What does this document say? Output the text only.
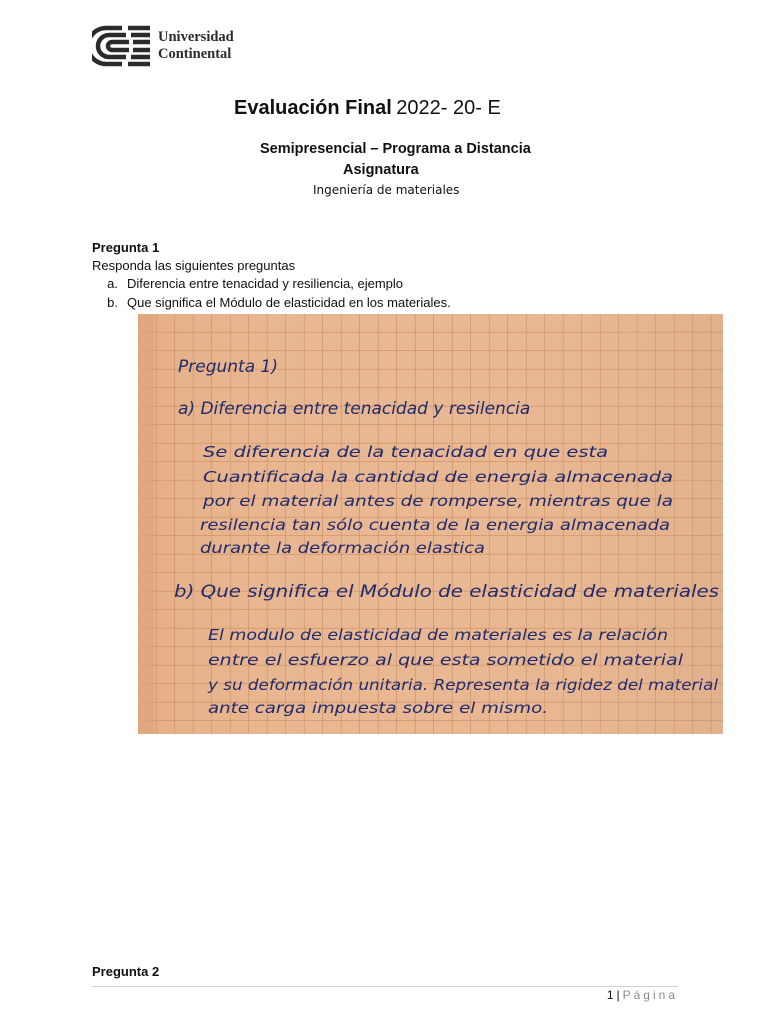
Universidad
Continental
Evaluación Final 2022- 20- E
Semipresencial – Programa a Distancia
Asignatura
Ingeniería de materiales
Pregunta 1
Responda las siguientes preguntas
a. Diferencia entre tenacidad y resiliencia, ejemplo
b. Que significa el Módulo de elasticidad en los materiales.
Pregunta 1)
a) Diferencia entre tenacidad y resilencia
Se diferencia de la tenacidad en que esta
Cuantificada la cantidad de energia almacenada
por el material antes de romperse, mientras que la
resilencia tan sólo cuenta de la energia almacenada
durante la deformación elastica
b) Que significa el Módulo de elasticidad de materiales
El modulo de elasticidad de materiales es la relación
entre el esfuerzo al que esta sometido el material
y su deformación unitaria. Representa la rigidez del material
ante carga impuesta sobre el mismo.
Pregunta 2
1 | Página
